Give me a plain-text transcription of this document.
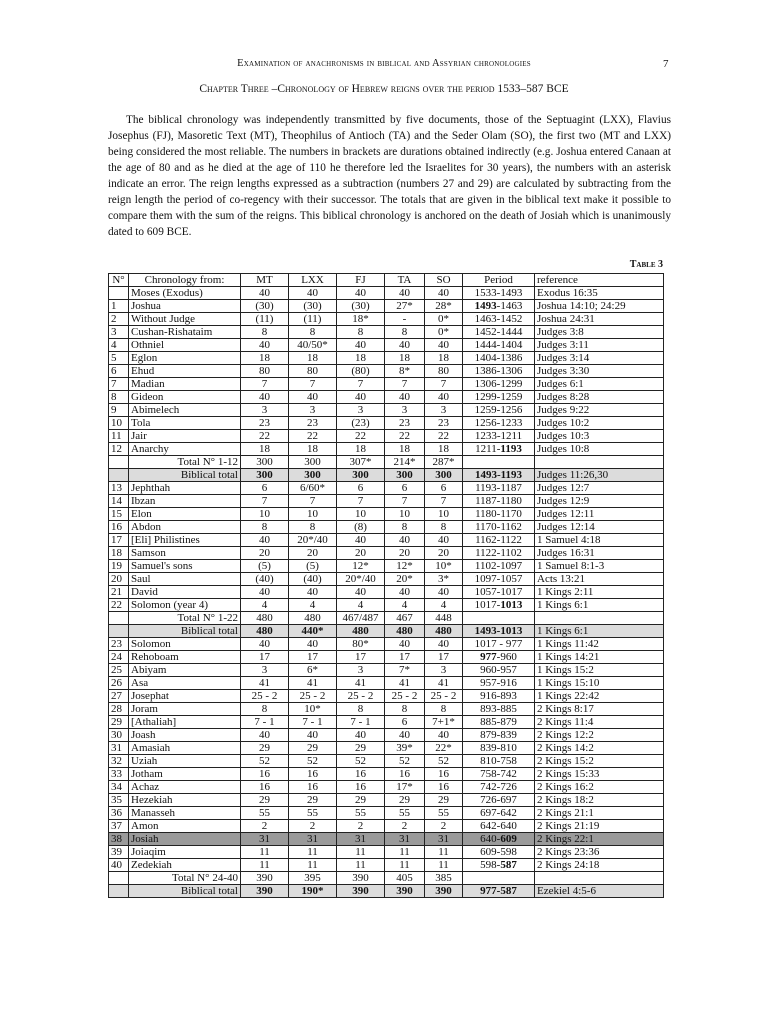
Examination of anachronisms in biblical and Assyrian chronologies	7
Chapter Three –Chronology of Hebrew reigns over the period 1533–587 BCE

The biblical chronology was independently transmitted by five documents, those of the Septuagint (LXX), Flavius Josephus (FJ), Masoretic Text (MT), Theophilus of Antioch (TA) and the Seder Olam (SO), the first two (MT and LXX) being considered the most reliable. The numbers in brackets are durations obtained indirectly (e.g. Joshua entered Canaan at the age of 80 and as he died at the age of 110 he therefore led the Israelites for 30 years), the numbers with an asterisk indicate an error. The reign lengths expressed as a subtraction (numbers 27 and 29) are calculated by subtracting from the reign length the period of co-regency with their successor. The totals that are given in the biblical text make it possible to compare them with the sum of the reigns. This biblical chronology is anchored on the death of Josiah which is unanimously dated to 609 BCE.

Table 3
N°	Chronology from:	MT	LXX	FJ	TA	SO	Period	reference
	Moses (Exodus)	40	40	40	40	40	1533-1493	Exodus 16:35
1	Joshua	(30)	(30)	(30)	27*	28*	1493-1463	Joshua 14:10; 24:29
2	Without Judge	(11)	(11)	18*	-	0*	1463-1452	Joshua 24:31
3	Cushan-Rishataim	8	8	8	8	0*	1452-1444	Judges 3:8
4	Othniel	40	40/50*	40	40	40	1444-1404	Judges 3:11
5	Eglon	18	18	18	18	18	1404-1386	Judges 3:14
6	Ehud	80	80	(80)	8*	80	1386-1306	Judges 3:30
7	Madian	7	7	7	7	7	1306-1299	Judges 6:1
8	Gideon	40	40	40	40	40	1299-1259	Judges 8:28
9	Abimelech	3	3	3	3	3	1259-1256	Judges 9:22
10	Tola	23	23	(23)	23	23	1256-1233	Judges 10:2
11	Jair	22	22	22	22	22	1233-1211	Judges 10:3
12	Anarchy	18	18	18	18	18	1211-1193	Judges 10:8
	Total N° 1-12	300	300	307*	214*	287*		
	Biblical total	300	300	300	300	300	1493-1193	Judges 11:26,30
13	Jephthah	6	6/60*	6	6	6	1193-1187	Judges 12:7
14	Ibzan	7	7	7	7	7	1187-1180	Judges 12:9
15	Elon	10	10	10	10	10	1180-1170	Judges 12:11
16	Abdon	8	8	(8)	8	8	1170-1162	Judges 12:14
17	[Eli] Philistines	40	20*/40	40	40	40	1162-1122	1 Samuel 4:18
18	Samson	20	20	20	20	20	1122-1102	Judges 16:31
19	Samuel's sons	(5)	(5)	12*	12*	10*	1102-1097	1 Samuel 8:1-3
20	Saul	(40)	(40)	20*/40	20*	3*	1097-1057	Acts 13:21
21	David	40	40	40	40	40	1057-1017	1 Kings 2:11
22	Solomon (year 4)	4	4	4	4	4	1017-1013	1 Kings 6:1
	Total N° 1-22	480	480	467/487	467	448		
	Biblical total	480	440*	480	480	480	1493-1013	1 Kings 6:1
23	Solomon	40	40	80*	40	40	1017 - 977	1 Kings 11:42
24	Rehoboam	17	17	17	17	17	977-960	1 Kings 14:21
25	Abiyam	3	6*	3	7*	3	960-957	1 Kings 15:2
26	Asa	41	41	41	41	41	957-916	1 Kings 15:10
27	Josephat	25 - 2	25 - 2	25 - 2	25 - 2	25 - 2	916-893	1 Kings 22:42
28	Joram	8	10*	8	8	8	893-885	2 Kings 8:17
29	[Athaliah]	7 - 1	7 - 1	7 - 1	6	7+1*	885-879	2 Kings 11:4
30	Joash	40	40	40	40	40	879-839	2 Kings 12:2
31	Amasiah	29	29	29	39*	22*	839-810	2 Kings 14:2
32	Uziah	52	52	52	52	52	810-758	2 Kings 15:2
33	Jotham	16	16	16	16	16	758-742	2 Kings 15:33
34	Achaz	16	16	16	17*	16	742-726	2 Kings 16:2
35	Hezekiah	29	29	29	29	29	726-697	2 Kings 18:2
36	Manasseh	55	55	55	55	55	697-642	2 Kings 21:1
37	Amon	2	2	2	2	2	642-640	2 Kings 21:19
38	Josiah	31	31	31	31	31	640-609	2 Kings 22:1
39	Joiaqim	11	11	11	11	11	609-598	2 Kings 23:36
40	Zedekiah	11	11	11	11	11	598-587	2 Kings 24:18
	Total N° 24-40	390	395	390	405	385		
	Biblical total	390	190*	390	390	390	977-587	Ezekiel 4:5-6
